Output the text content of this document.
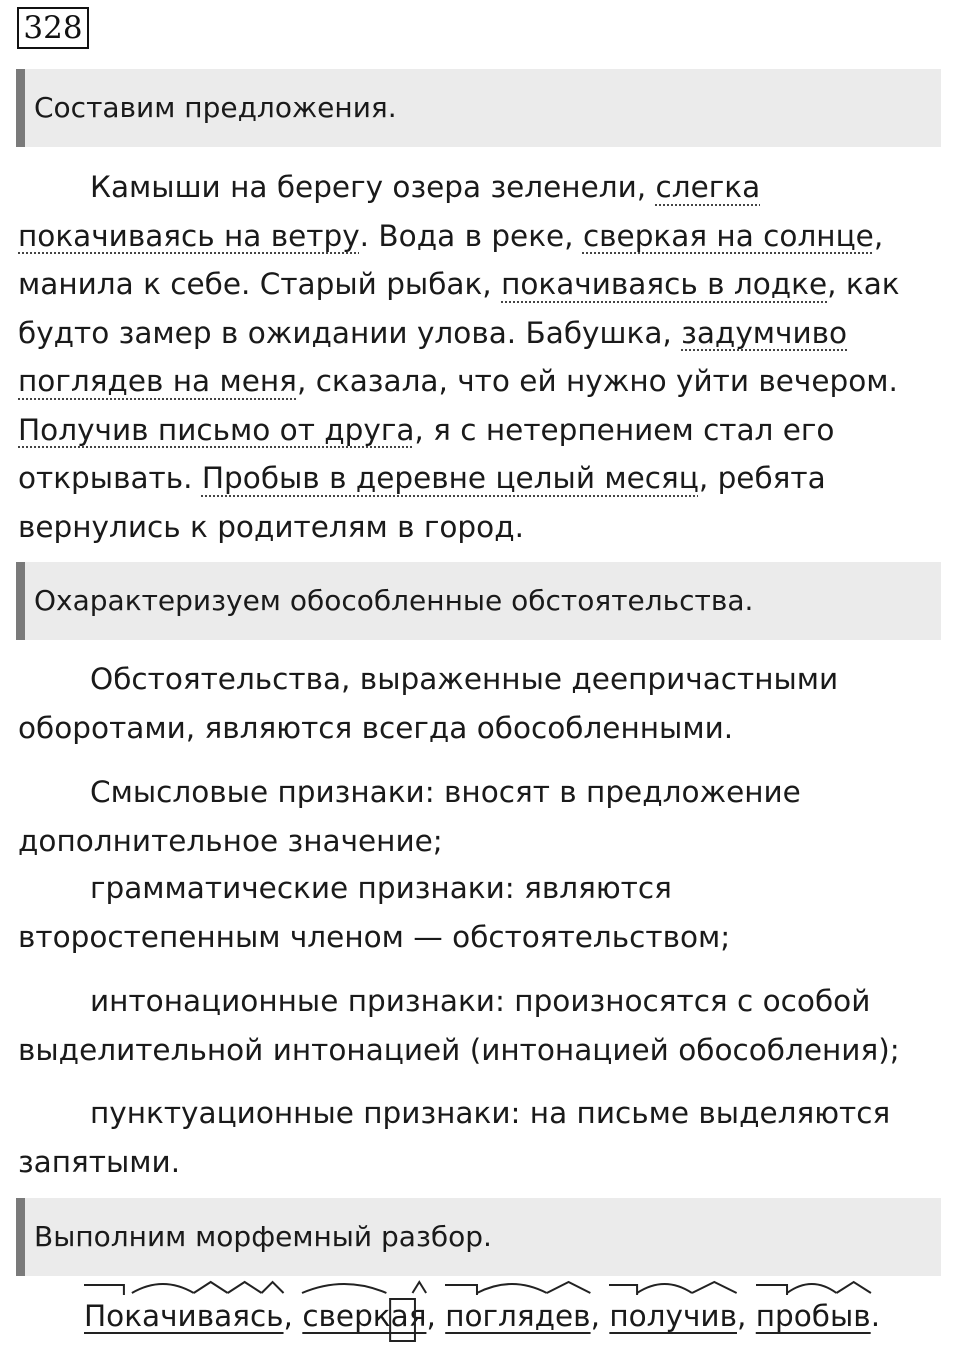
328
Составим предложения.

Камыши на берегу озера зеленели, слегка покачиваясь на ветру. Вода в реке, сверкая на солнце, манила к себе. Старый рыбак, покачиваясь в лодке, как будто замер в ожидании улова. Бабушка, задумчиво поглядев на меня, сказала, что ей нужно уйти вечером. Получив письмо от друга, я с нетерпением стал его открывать. Пробыв в деревне целый месяц, ребята вернулись к родителям в город.

Охарактеризуем обособленные обстоятельства.

Обстоятельства, выраженные деепричастными оборотами, являются всегда обособленными.

Смысловые признаки: вносят в предложение дополнительное значение;

грамматические признаки: являются второстепенным членом — обстоятельством;

интонационные признаки: произносятся с особой выделительной интонацией (интонацией обособления);

пунктуационные признаки: на письме выделяются запятыми.

Выполним морфемный разбор.
Покачиваясь,
сверкая,
поглядев,
получив,
пробыв.
